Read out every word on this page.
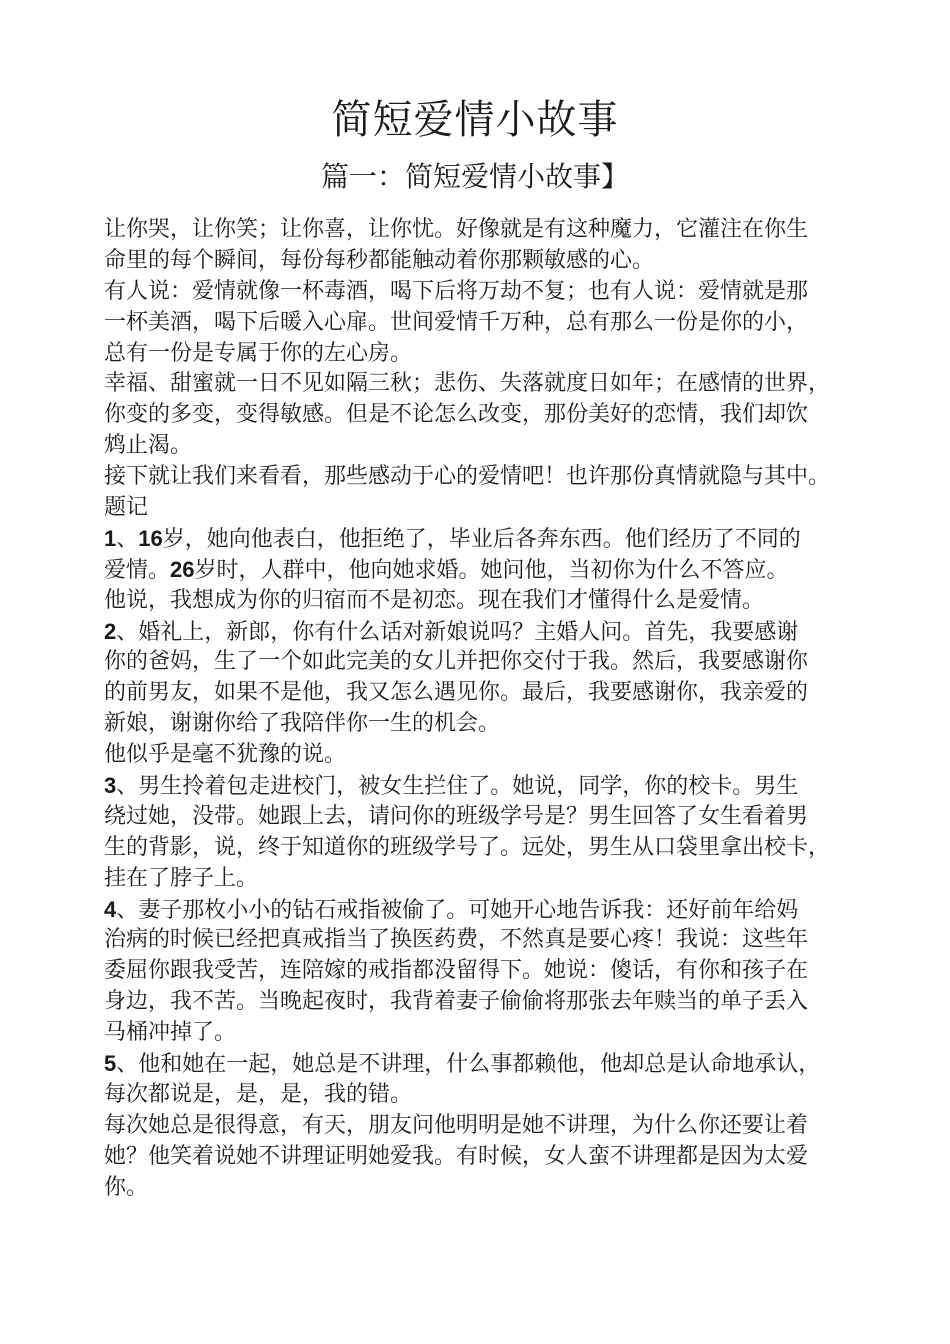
简短爱情小故事
篇一：简短爱情小故事】
让你哭，让你笑；让你喜，让你忧。好像就是有这种魔力，它灌注在你生
命里的每个瞬间，每份每秒都能触动着你那颗敏感的心。
有人说：爱情就像一杯毒酒，喝下后将万劫不复；也有人说：爱情就是那
一杯美酒，喝下后暖入心扉。世间爱情千万种，总有那么一份是你的小，
总有一份是专属于你的左心房。
幸福、甜蜜就一日不见如隔三秋；悲伤、失落就度日如年；在感情的世界，
你变的多变，变得敏感。但是不论怎么改变，那份美好的恋情，我们却饮
鸩止渴。
接下就让我们来看看，那些感动于心的爱情吧！也许那份真情就隐与其中。
题记
1、16岁，她向他表白，他拒绝了，毕业后各奔东西。他们经历了不同的
爱情。26岁时，人群中，他向她求婚。她问他，当初你为什么不答应。
他说，我想成为你的归宿而不是初恋。现在我们才懂得什么是爱情。
2、婚礼上，新郎，你有什么话对新娘说吗？主婚人问。首先，我要感谢
你的爸妈，生了一个如此完美的女儿并把你交付于我。然后，我要感谢你
的前男友，如果不是他，我又怎么遇见你。最后，我要感谢你，我亲爱的
新娘，谢谢你给了我陪伴你一生的机会。
他似乎是毫不犹豫的说。
3、男生拎着包走进校门，被女生拦住了。她说，同学，你的校卡。男生
绕过她，没带。她跟上去，请问你的班级学号是？男生回答了女生看着男
生的背影，说，终于知道你的班级学号了。远处，男生从口袋里拿出校卡，
挂在了脖子上。
4、妻子那枚小小的钻石戒指被偷了。可她开心地告诉我：还好前年给妈
治病的时候已经把真戒指当了换医药费，不然真是要心疼！我说：这些年
委屈你跟我受苦，连陪嫁的戒指都没留得下。她说：傻话，有你和孩子在
身边，我不苦。当晚起夜时，我背着妻子偷偷将那张去年赎当的单子丢入
马桶冲掉了。
5、他和她在一起，她总是不讲理，什么事都赖他，他却总是认命地承认，
每次都说是，是，是，我的错。
每次她总是很得意，有天，朋友问他明明是她不讲理，为什么你还要让着
她？他笑着说她不讲理证明她爱我。有时候，女人蛮不讲理都是因为太爱
你。
